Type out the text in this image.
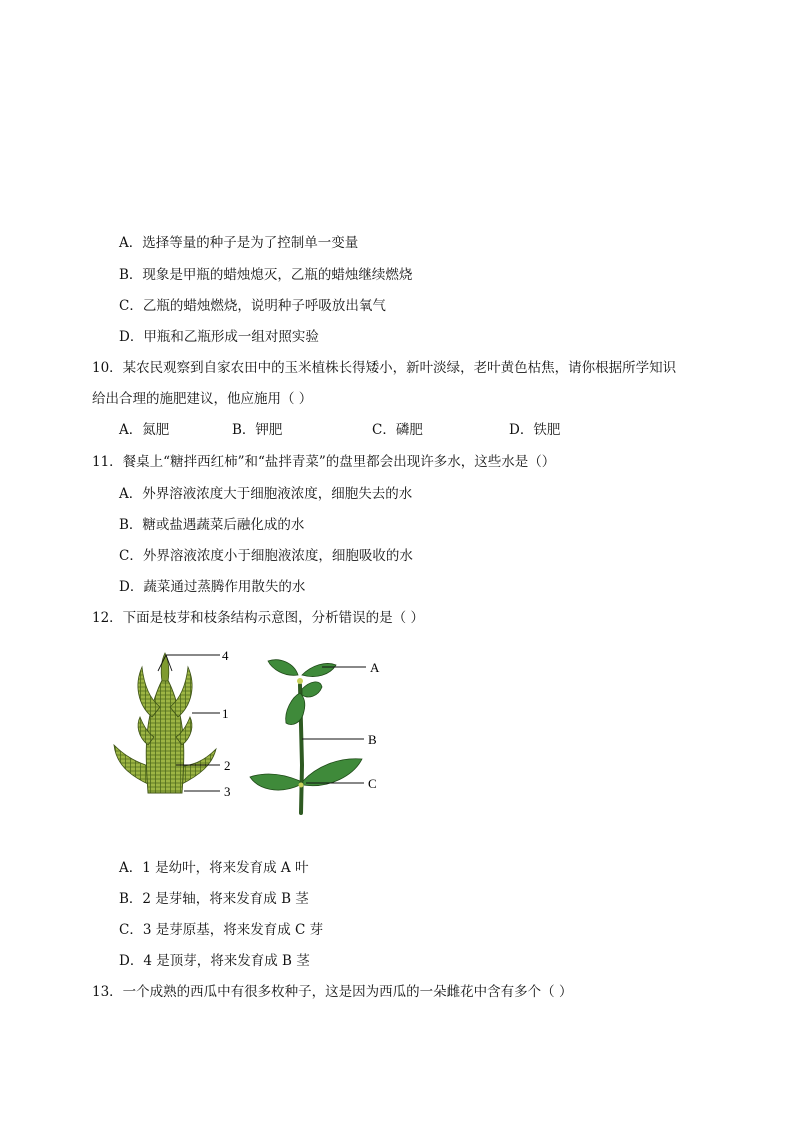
A．选择等量的种子是为了控制单一变量
B．现象是甲瓶的蜡烛熄灭，乙瓶的蜡烛继续燃烧
C．乙瓶的蜡烛燃烧，说明种子呼吸放出氧气
D．甲瓶和乙瓶形成一组对照实验
10．某农民观察到自家农田中的玉米植株长得矮小，新叶淡绿，老叶黄色枯焦，请你根据所学知识
给出合理的施肥建议，他应施用（ ）
A．氮肥	B．钾肥	C．磷肥	D．铁肥
11．餐桌上“糖拌西红柿”和“盐拌青菜”的盘里都会出现许多水，这些水是（）
A．外界溶液浓度大于细胞液浓度，细胞失去的水
B．糖或盐遇蔬菜后融化成的水
C．外界溶液浓度小于细胞液浓度，细胞吸收的水
D．蔬菜通过蒸腾作用散失的水
12．下面是枝芽和枝条结构示意图，分析错误的是（ ）
4
1
2
3
A
B
C
A．1 是幼叶，将来发育成 A 叶
B．2 是芽轴，将来发育成 B 茎
C．3 是芽原基，将来发育成 C 芽
D．4 是顶芽，将来发育成 B 茎
13．一个成熟的西瓜中有很多枚种子，这是因为西瓜的一朵雌花中含有多个（ ）
